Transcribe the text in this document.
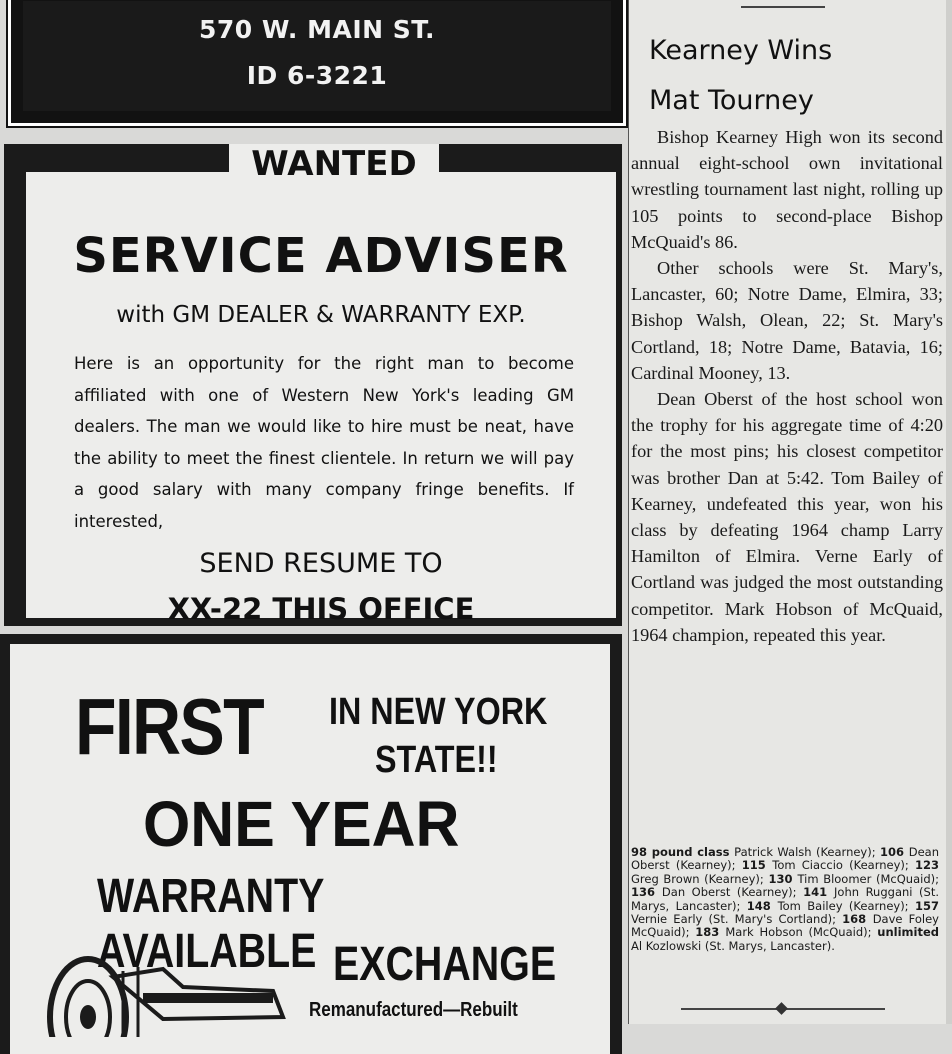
570 W. MAIN ST.
ID 6-3221
SERVICE ADVISER
with GM DEALER & WARRANTY EXP.
Here is an opportunity for the right man to become affiliated with one of Western New York's leading GM dealers. The man we would like to hire must be neat, have the ability to meet the finest clientele. In return we will pay a good salary with many company fringe benefits. If interested,
SEND RESUME TO
XX-22 THIS OFFICE
WANTED
FIRST IN NEW YORK
STATE!!
ONE YEAR
WARRANTY AVAILABLE EXCHANGE
Remanufactured—Rebuilt
Kearney Wins
Mat Tourney

Bishop Kearney High won its second annual eight-school own invitational wrestling tournament last night, rolling up 105 points to second-place Bishop McQuaid's 86.

Other schools were St. Mary's, Lancaster, 60; Notre Dame, Elmira, 33; Bishop Walsh, Olean, 22; St. Mary's Cortland, 18; Notre Dame, Batavia, 16; Cardinal Mooney, 13.

Dean Oberst of the host school won the trophy for his aggregate time of 4:20 for the most pins; his closest competitor was brother Dan at 5:42. Tom Bailey of Kearney, undefeated this year, won his class by defeating 1964 champ Larry Hamilton of Elmira. Verne Early of Cortland was judged the most outstanding competitor. Mark Hobson of McQuaid, 1964 champion, repeated this year.

98 pound class Patrick Walsh (Kearney); 106 Dean Oberst (Kearney); 115 Tom Ciaccio (Kearney); 123 Greg Brown (Kearney); 130 Tim Bloomer (McQuaid); 136 Dan Oberst (Kearney); 141 John Ruggani (St. Marys, Lancaster); 148 Tom Bailey (Kearney); 157 Vernie Early (St. Mary's Cortland); 168 Dave Foley McQuaid); 183 Mark Hobson (McQuaid); unlimited Al Kozlowski (St. Marys, Lancaster).
